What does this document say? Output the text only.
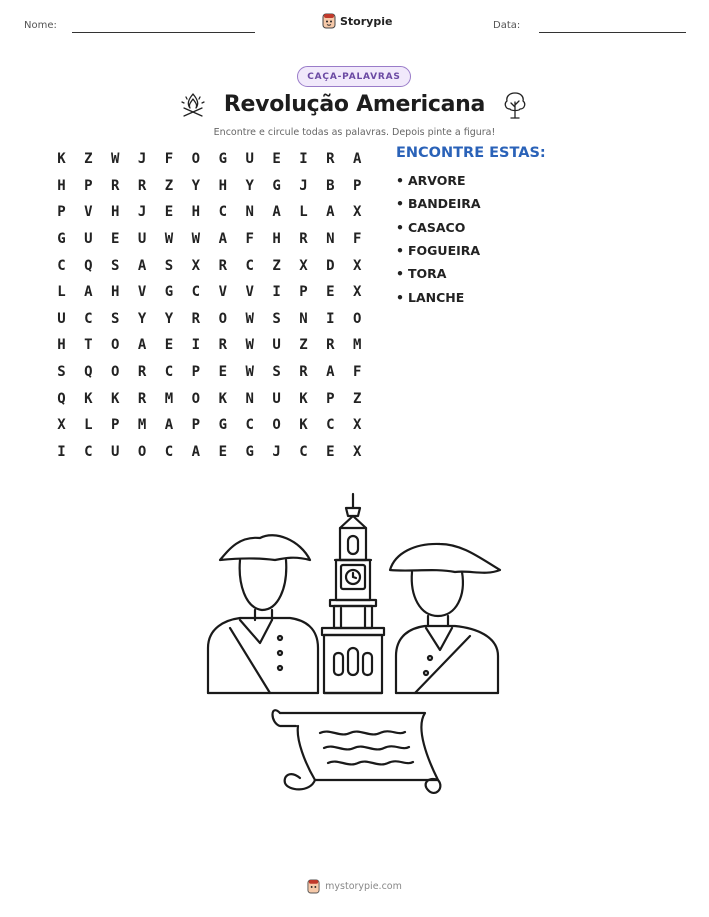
Nome:	Storypie	Data:
CAÇA-PALAVRAS
Revolução Americana
Encontre e circule todas as palavras. Depois pinte a figura!
K	Z	W	J	F	O	G	U	E	I	R	A
H	P	R	R	Z	Y	H	Y	G	J	B	P
P	V	H	J	E	H	C	N	A	L	A	X
G	U	E	U	W	W	A	F	H	R	N	F
C	Q	S	A	S	X	R	C	Z	X	D	X
L	A	H	V	G	C	V	V	I	P	E	X
U	C	S	Y	Y	R	O	W	S	N	I	O
H	T	O	A	E	I	R	W	U	Z	R	M
S	Q	O	R	C	P	E	W	S	R	A	F
Q	K	K	R	M	O	K	N	U	K	P	Z
X	L	P	M	A	P	G	C	O	K	C	X
I	C	U	O	C	A	E	G	J	C	E	X
ENCONTRE ESTAS:
• ARVORE
• BANDEIRA
• CASACO
• FOGUEIRA
• TORA
• LANCHE
mystorypie.com
